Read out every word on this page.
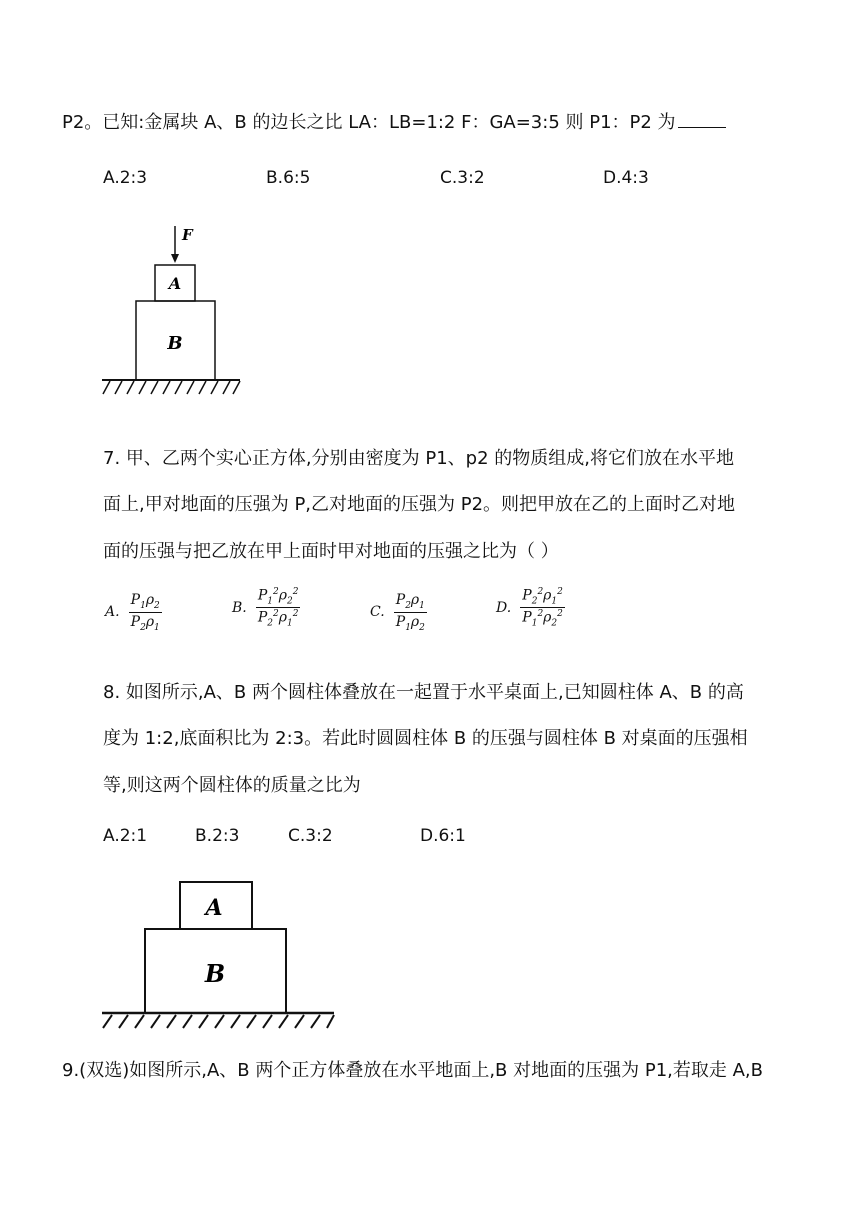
P2。已知:金属块 A、B 的边长之比 LA：LB=1:2 F：GA=3:5 则 P1：P2 为
A.2:3	B.6:5	C.3:2	D.4:3
F
A
B
7. 甲、乙两个实心正方体,分别由密度为 P1、p2 的物质组成,将它们放在水平地
面上,甲对地面的压强为 P,乙对地面的压强为 P2。则把甲放在乙的上面时乙对地
面的压强与把乙放在甲上面时甲对地面的压强之比为（ ）
A. $\frac{P_1\rho_2}{P_2\rho_1}$	B. $\frac{P_1^2\rho_2^2}{P_2^2\rho_1^2}$	C. $\frac{P_2\rho_1}{P_1\rho_2}$	D. $\frac{P_2^2\rho_1^2}{P_1^2\rho_2^2}$
8. 如图所示,A、B 两个圆柱体叠放在一起置于水平桌面上,已知圆柱体 A、B 的高
度为 1:2,底面积比为 2:3。若此时圆圆柱体 B 的压强与圆柱体 B 对桌面的压强相
等,则这两个圆柱体的质量之比为
A.2:1	B.2:3	C.3:2	D.6:1
A
B
9.(双选)如图所示,A、B 两个正方体叠放在水平地面上,B 对地面的压强为 P1,若取走 A,B
